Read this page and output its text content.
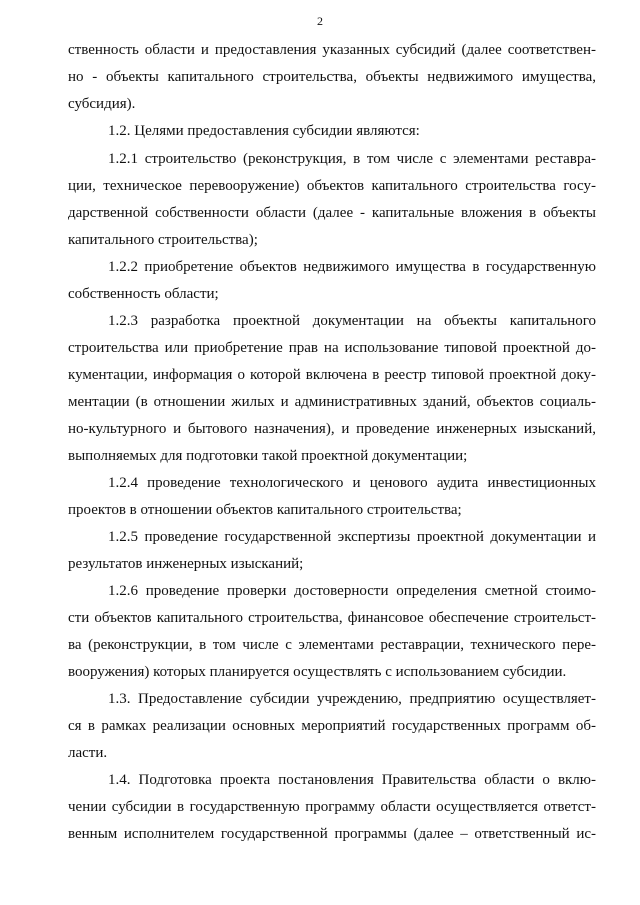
2
ственность области и предоставления указанных субсидий (далее соответствен-
но - объекты капитального строительства, объекты недвижимого имущества,
субсидия).
1.2. Целями предоставления субсидии являются:
1.2.1 строительство (реконструкция, в том числе с элементами реставра-
ции, техническое перевооружение) объектов капитального строительства госу-
дарственной собственности области (далее - капитальные вложения в объекты
капитального строительства);
1.2.2 приобретение объектов недвижимого имущества в государственную
собственность области;
1.2.3 разработка проектной документации на объекты капитального
строительства или приобретение прав на использование типовой проектной до-
кументации, информация о которой включена в реестр типовой проектной доку-
ментации (в отношении жилых и административных зданий, объектов социаль-
но-культурного и бытового назначения), и проведение инженерных изысканий,
выполняемых для подготовки такой проектной документации;
1.2.4 проведение технологического и ценового аудита инвестиционных
проектов в отношении объектов капитального строительства;
1.2.5 проведение государственной экспертизы проектной документации и
результатов инженерных изысканий;
1.2.6 проведение проверки достоверности определения сметной стоимо-
сти объектов капитального строительства, финансовое обеспечение строительст-
ва (реконструкции, в том числе с элементами реставрации, технического пере-
вооружения) которых планируется осуществлять с использованием субсидии.
1.3. Предоставление субсидии учреждению, предприятию осуществляет-
ся в рамках реализации основных мероприятий государственных программ об-
ласти.
1.4. Подготовка проекта постановления Правительства области о вклю-
чении субсидии в государственную программу области осуществляется ответст-
венным исполнителем государственной программы (далее – ответственный ис-
